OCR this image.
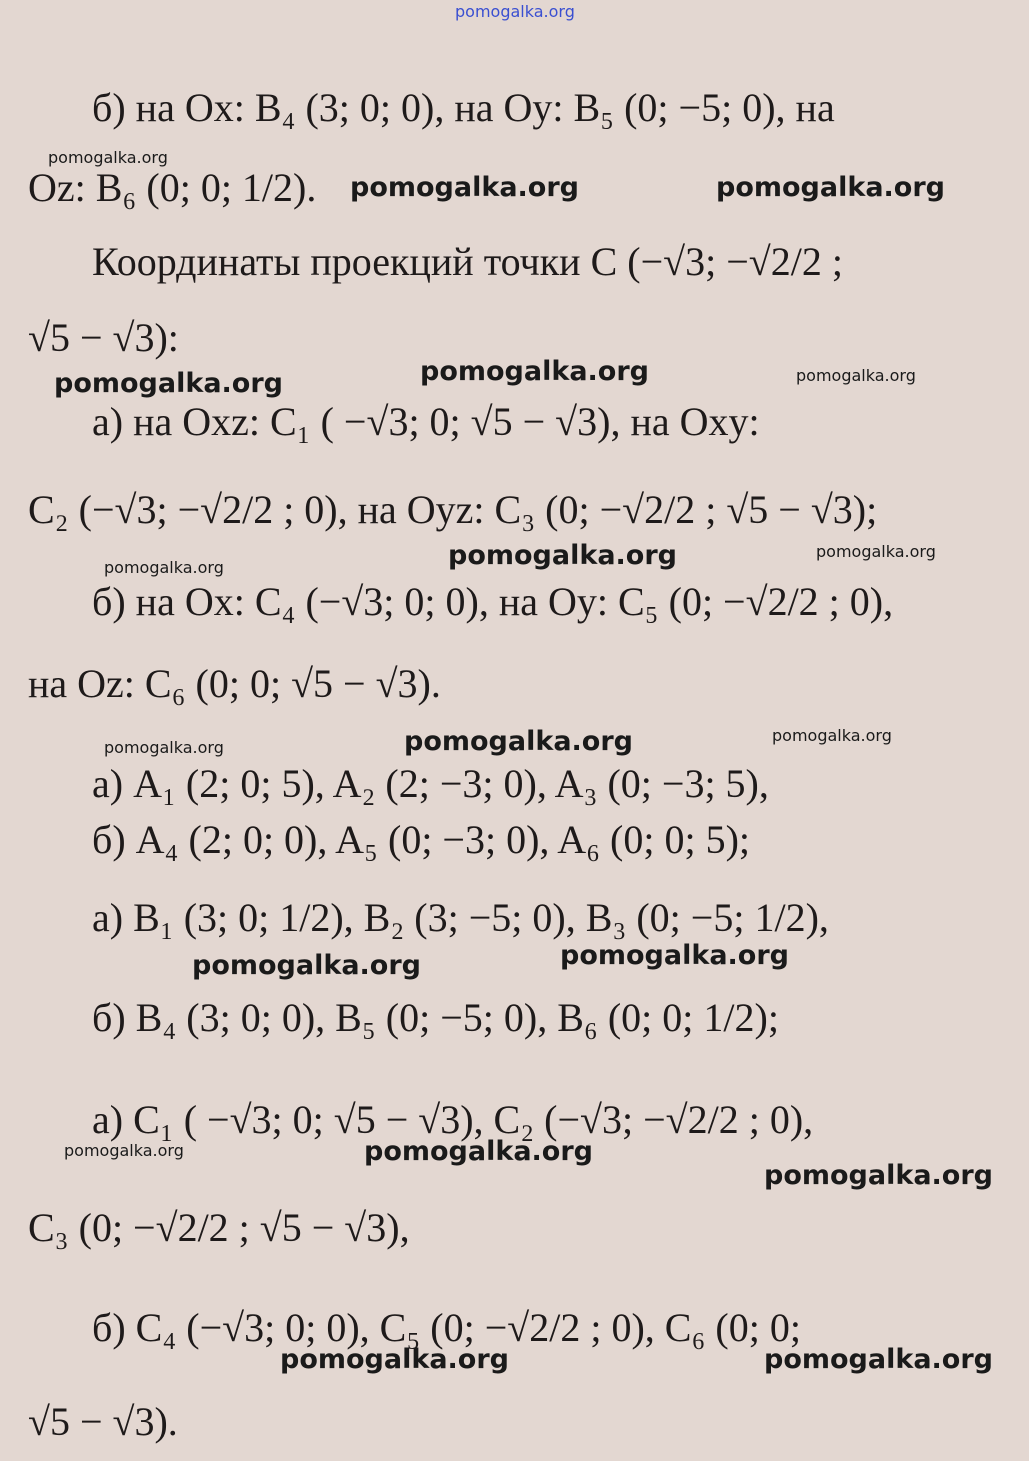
pomogalka.org
б) на Ox: B₄ (3; 0; 0), на Oy: B₅ (0; −5; 0), на
Oz: B₆ (0; 0; 1/2).
Координаты проекций точки C (−√3; −√2/2 ;
√5 − √3):
а) на Oxz: C₁ ( −√3; 0; √5 − √3), на Oxy:
C₂ (−√3; −√2/2 ; 0), на Oyz: C₃ (0; −√2/2 ; √5 − √3);
б) на Ox: C₄ (−√3; 0; 0), на Oy: C₅ (0; −√2/2 ; 0),
на Oz: C₆ (0; 0; √5 − √3).
а) A₁ (2; 0; 5), A₂ (2; −3; 0), A₃ (0; −3; 5),
б) A₄ (2; 0; 0), A₅ (0; −3; 0), A₆ (0; 0; 5);
а) B₁ (3; 0; 1/2), B₂ (3; −5; 0), B₃ (0; −5; 1/2),
б) B₄ (3; 0; 0), B₅ (0; −5; 0), B₆ (0; 0; 1/2);
а) C₁ ( −√3; 0; √5 − √3), C₂ (−√3; −√2/2 ; 0),
C₃ (0; −√2/2 ; √5 − √3),
б) C₄ (−√3; 0; 0), C₅ (0; −√2/2 ; 0), C₆ (0; 0;
√5 − √3).
pomogalka.org
pomogalka.org	pomogalka.org
pomogalka.org	pomogalka.org	pomogalka.org
pomogalka.org
pomogalka.org
pomogalka.org
pomogalka.org
pomogalka.org
pomogalka.org
pomogalka.org	pomogalka.org
pomogalka.org	pomogalka.org
pomogalka.org
pomogalka.org	pomogalka.org
